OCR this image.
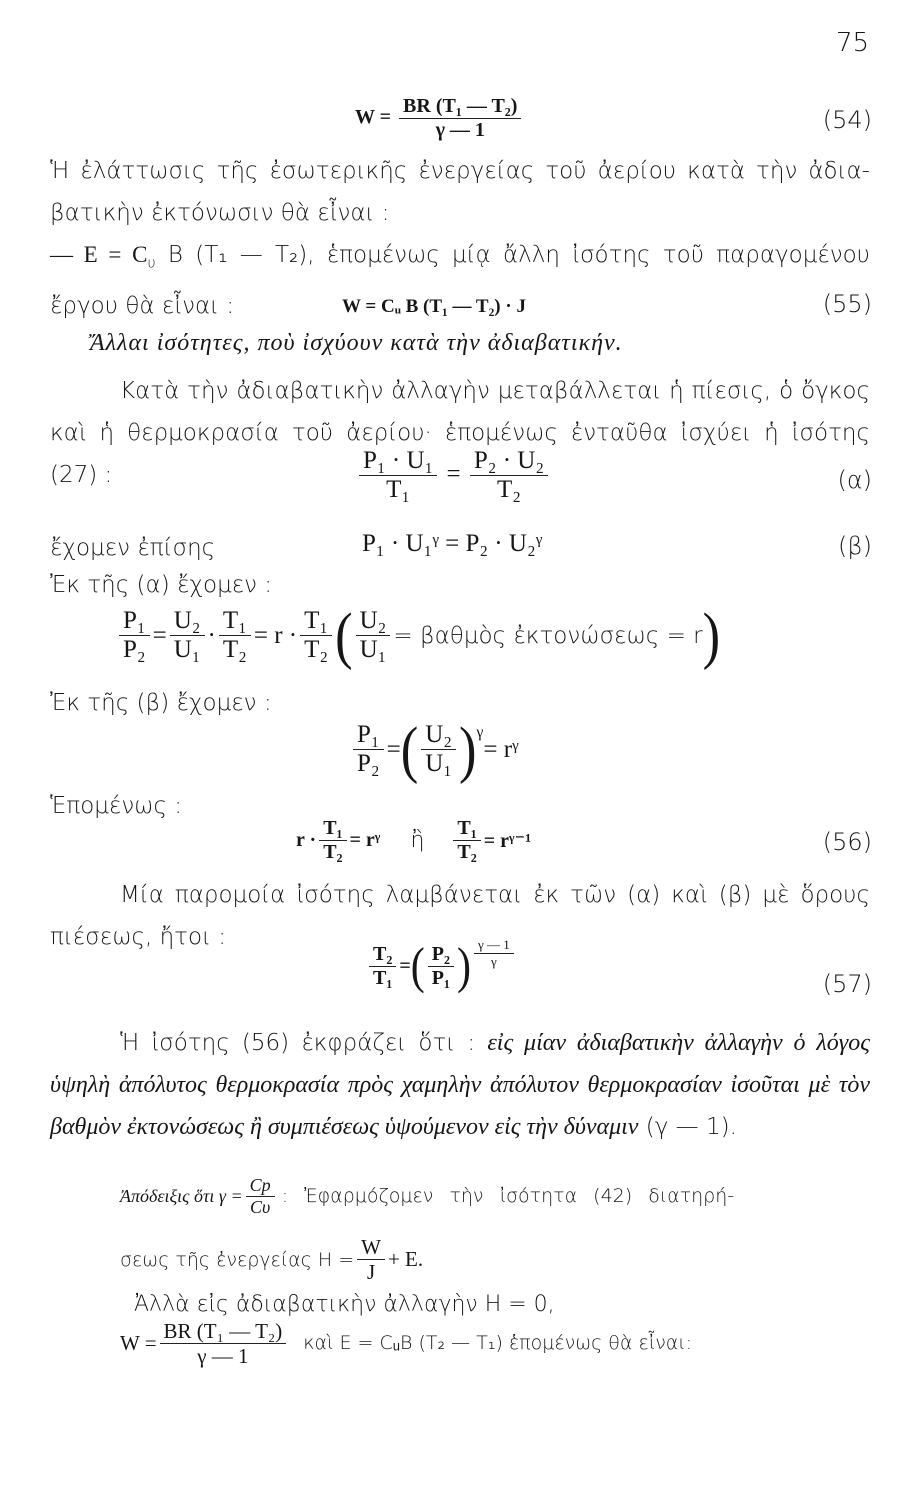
75
$W = \frac{\text{BR (T₁ — T₂)}}{\gamma — 1}$	(54)
Ἡ ἐλάττωσις τῆς ἐσωτερικῆς ἐνεργείας τοῦ ἀερίου κατὰ τὴν ἀδια- βατικὴν ἐκτόνωσιν θὰ εἶναι :
— $E = C_\upsilon$ B (T₁ — T₂), ἑπομένως μίᾳ ἄλλη ἰσότης τοῦ παραγομένου ἔργου θὰ εἶναι :	W = Cᵤ B (T₁ — T₂) · J	(55)
Ἄλλαι ἰσότητες, ποὺ ἰσχύουν κατὰ τὴν ἀδιαβατικήν.
Κατὰ τὴν ἀδιαβατικὴν ἀλλαγὴν μεταβάλλεται ἡ πίεσις, ὁ ὄγκος καὶ ἡ θερμοκρασία τοῦ ἀερίου· ἑπομένως ἐνταῦθα ἰσχύει ἡ ἰσότης (27) :	$\frac{\text{P₁ · U₁}}{\text{T₁}} = \frac{\text{P₂ · U₂}}{\text{T₂}}$	(α)
ἔχομεν ἐπίσης	P₁ · U₁ᵞ = P₂ · U₂ᵞ	(β)
Ἐκ τῆς (α) ἔχομεν :
$\frac{\text{P₁}}{\text{P₂}} = \frac{\text{U₂}}{\text{U₁}} \cdot \frac{\text{T₁}}{\text{T₂}} = r \cdot \frac{\text{T₁}}{\text{T₂}}$ ( $\frac{\text{U₂}}{\text{U₁}}$ = βαθμὸς ἐκτονώσεως = r )
Ἐκ τῆς (β) ἔχομεν :
$\frac{\text{P₁}}{\text{P₂}}$ = ( $\frac{\text{U₂}}{\text{U₁}} )^\gamma$
= rᵞ
Ἑπομένως :
$r \cdot \frac{\text{T₁}}{\text{T₂}}$ = rᵞ ἢ $\frac{\text{T₁}}{\text{T₂}}$ = rᵞ⁻¹	(56)
Μία παρομοία ἰσότης λαμβάνεται ἐκ τῶν (α) καὶ (β) μὲ ὅρους πιέσεως, ἤτοι :
$\frac{\text{T₂}}{\text{T₁}}$ = ( $\frac{\text{P₂}}{\text{P₁}}$ ) $\frac{\gamma — 1}{\gamma}$
(57)
Ἡ ἰσότης (56) ἐκφράζει ὅτι : εἰς μίαν ἀδιαβατικὴν ἀλλαγὴν ὁ λόγος ὑψηλὴ ἀπόλυτος θερμοκρασία πρὸς χαμηλὴν ἀπόλυτον θερμοκρασίαν ἰσοῦται μὲ τὸν βαθμὸν ἐκτονώσεως ἢ συμπιέσεως ὑψούμενον εἰς τὴν δύναμιν (γ — 1).
Ἀπόδειξις ὅτι $\gamma = \frac{Cp}{C\upsilon}$ : Ἐφαρμόζομεν τὴν ἰσότητα (42) διατηρή-
σεως τῆς ἐνεργείας $H = \frac{W}{J} + E$.
Ἀλλὰ εἰς ἀδιαβατικὴν ἀλλαγὴν H = 0,
$W = \frac{\text{BR (T₁ — T₂)}}{\gamma — 1}$ καὶ E = CᵤB (T₂ — T₁) ἑπομένως θὰ εἶναι:
